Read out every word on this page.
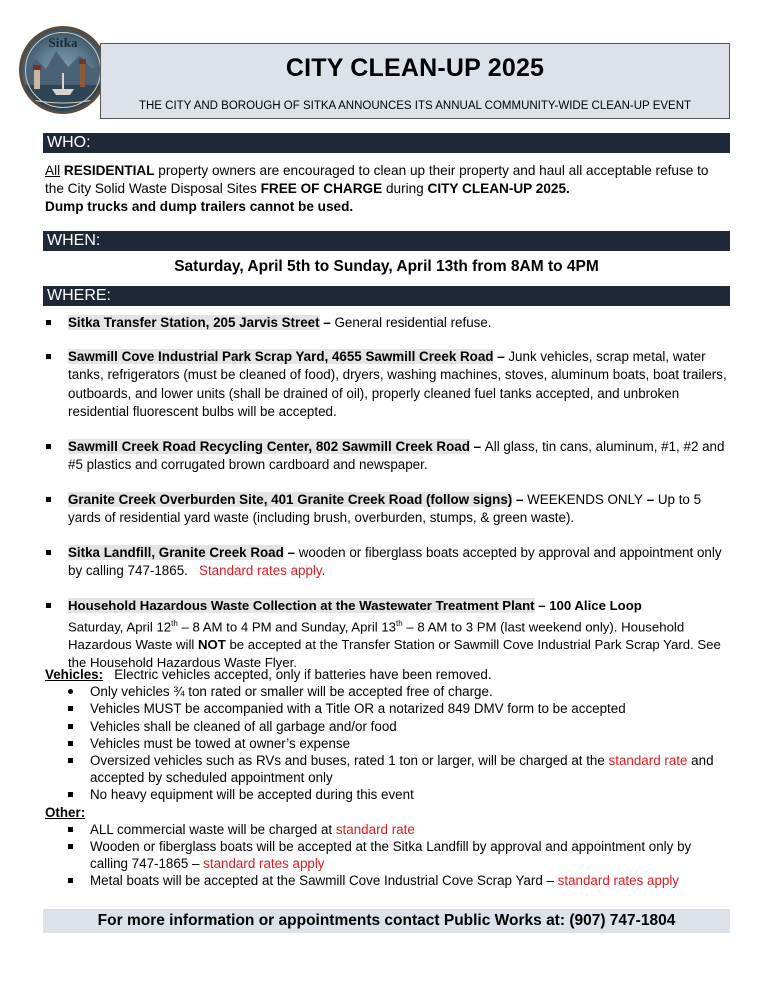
Sitka
CITY CLEAN-UP 2025
THE CITY AND BOROUGH OF SITKA ANNOUNCES ITS ANNUAL COMMUNITY-WIDE CLEAN-UP EVENT
WHO:
All RESIDENTIAL property owners are encouraged to clean up their property and haul all acceptable refuse to the City Solid Waste Disposal Sites FREE OF CHARGE during CITY CLEAN-UP 2025.
Dump trucks and dump trailers cannot be used.
WHEN:
Saturday, April 5th to Sunday, April 13th from 8AM to 4PM
WHERE:
Sitka Transfer Station, 205 Jarvis Street – General residential refuse.
Sawmill Cove Industrial Park Scrap Yard, 4655 Sawmill Creek Road – Junk vehicles, scrap metal, water tanks, refrigerators (must be cleaned of food), dryers, washing machines, stoves, aluminum boats, boat trailers, outboards, and lower units (shall be drained of oil), properly cleaned fuel tanks accepted, and unbroken residential fluorescent bulbs will be accepted.
Sawmill Creek Road Recycling Center, 802 Sawmill Creek Road – All glass, tin cans, aluminum, #1, #2 and #5 plastics and corrugated brown cardboard and newspaper.
Granite Creek Overburden Site, 401 Granite Creek Road (follow signs) – WEEKENDS ONLY – Up to 5 yards of residential yard waste (including brush, overburden, stumps, & green waste).
Sitka Landfill, Granite Creek Road – wooden or fiberglass boats accepted by approval and appointment only by calling 747-1865. Standard rates apply.
Household Hazardous Waste Collection at the Wastewater Treatment Plant – 100 Alice Loop
Saturday, April 12th – 8 AM to 4 PM and Sunday, April 13th – 8 AM to 3 PM (last weekend only). Household Hazardous Waste will NOT be accepted at the Transfer Station or Sawmill Cove Industrial Park Scrap Yard. See the Household Hazardous Waste Flyer.
Vehicles: Electric vehicles accepted, only if batteries have been removed.
Only vehicles ¾ ton rated or smaller will be accepted free of charge.
Vehicles MUST be accompanied with a Title OR a notarized 849 DMV form to be accepted
Vehicles shall be cleaned of all garbage and/or food
Vehicles must be towed at owner’s expense
Oversized vehicles such as RVs and buses, rated 1 ton or larger, will be charged at the standard rate and accepted by scheduled appointment only
No heavy equipment will be accepted during this event
Other:
ALL commercial waste will be charged at standard rate
Wooden or fiberglass boats will be accepted at the Sitka Landfill by approval and appointment only by calling 747-1865 – standard rates apply
Metal boats will be accepted at the Sawmill Cove Industrial Cove Scrap Yard – standard rates apply
For more information or appointments contact Public Works at: (907) 747-1804
